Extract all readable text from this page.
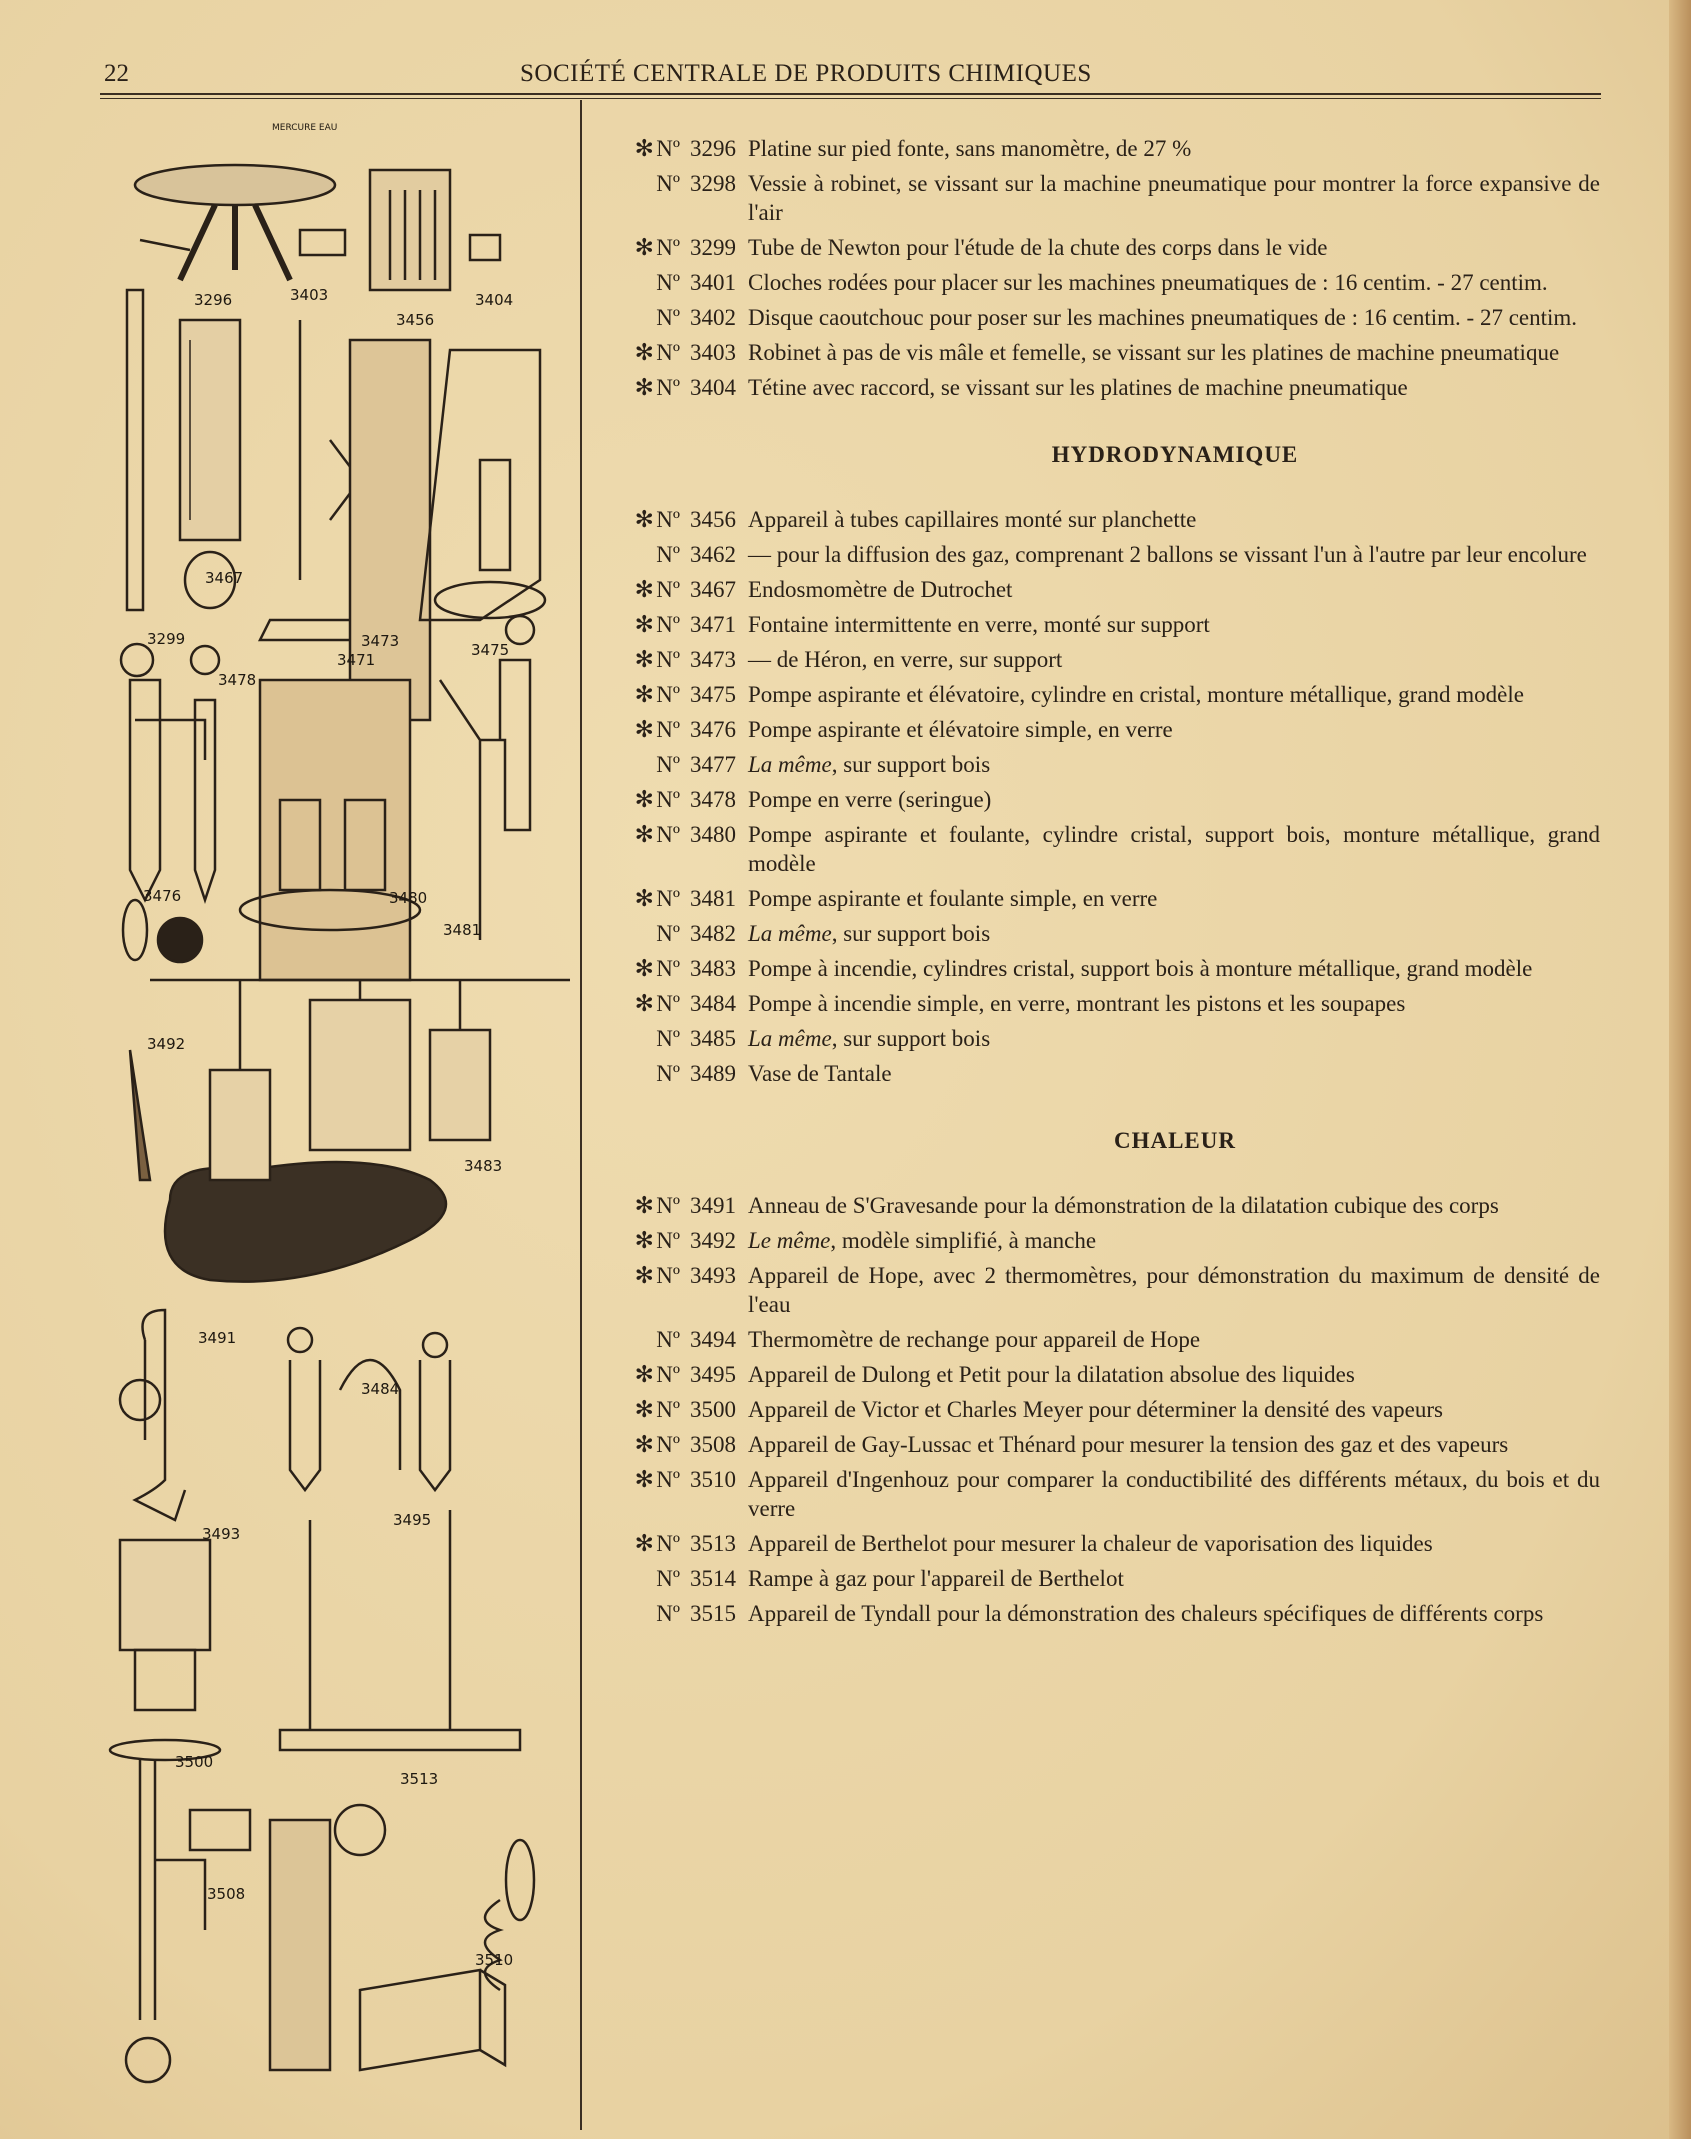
22	SOCIÉTÉ CENTRALE DE PRODUITS CHIMIQUES
MERCURE EAU
3296	3403	3404
3456
3467
3299	3473
3471
3475
3478
3476	3480
3481
3492
3483
3491
3484
3493
3495
3500
3513
3508
3510
✻ Nº 3296 Platine sur pied fonte, sans manomètre, de 27 %
Nº 3298 Vessie à robinet, se vissant sur la machine pneumatique pour montrer la force expansive de l'air
✻ Nº 3299 Tube de Newton pour l'étude de la chute des corps dans le vide
Nº 3401 Cloches rodées pour placer sur les machines pneumatiques de : 16 centim. - 27 centim.
Nº 3402 Disque caoutchouc pour poser sur les machines pneumatiques de : 16 centim. - 27 centim.
✻ Nº 3403 Robinet à pas de vis mâle et femelle, se vissant sur les platines de machine pneumatique
✻ Nº 3404 Tétine avec raccord, se vissant sur les platines de machine pneumatique
HYDRODYNAMIQUE
✻ Nº 3456 Appareil à tubes capillaires monté sur planchette
Nº 3462 — pour la diffusion des gaz, comprenant 2 ballons se vissant l'un à l'autre par leur encolure
✻ Nº 3467 Endosmomètre de Dutrochet
✻ Nº 3471 Fontaine intermittente en verre, monté sur support
✻ Nº 3473 — de Héron, en verre, sur support
✻ Nº 3475 Pompe aspirante et élévatoire, cylindre en cristal, monture métallique, grand modèle
✻ Nº 3476 Pompe aspirante et élévatoire simple, en verre
Nº 3477 La même, sur support bois
✻ Nº 3478 Pompe en verre (seringue)
✻ Nº 3480 Pompe aspirante et foulante, cylindre cristal, support bois, monture métallique, grand modèle
✻ Nº 3481 Pompe aspirante et foulante simple, en verre
Nº 3482 La même, sur support bois
✻ Nº 3483 Pompe à incendie, cylindres cristal, support bois à monture métallique, grand modèle
✻ Nº 3484 Pompe à incendie simple, en verre, montrant les pistons et les soupapes
Nº 3485 La même, sur support bois
Nº 3489 Vase de Tantale
CHALEUR
✻ Nº 3491 Anneau de S'Gravesande pour la démonstration de la dilatation cubique des corps
✻ Nº 3492 Le même, modèle simplifié, à manche
✻ Nº 3493 Appareil de Hope, avec 2 thermomètres, pour démonstration du maximum de densité de l'eau
Nº 3494 Thermomètre de rechange pour appareil de Hope
✻ Nº 3495 Appareil de Dulong et Petit pour la dilatation absolue des liquides
✻ Nº 3500 Appareil de Victor et Charles Meyer pour déterminer la densité des vapeurs
✻ Nº 3508 Appareil de Gay-Lussac et Thénard pour mesurer la tension des gaz et des vapeurs
✻ Nº 3510 Appareil d'Ingenhouz pour comparer la conductibilité des différents métaux, du bois et du verre
✻ Nº 3513 Appareil de Berthelot pour mesurer la chaleur de vaporisation des liquides
Nº 3514 Rampe à gaz pour l'appareil de Berthelot
Nº 3515 Appareil de Tyndall pour la démonstration des chaleurs spécifiques de différents corps
